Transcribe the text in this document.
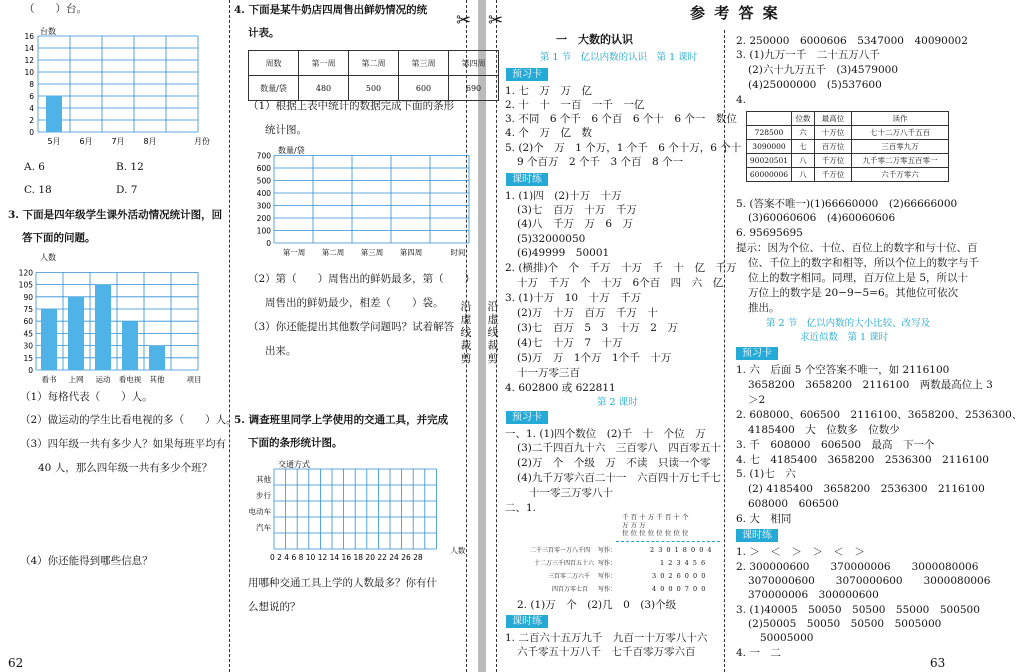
✂ ✂
沿虚线裁剪
沿虚线裁剪
（　　）台。
台数
16
14
12
10
8
6
4
2
0
5月 6月 7月 8月	月份
A. 6	B. 12
C. 18	D. 7
3. 下面是四年级学生课外活动情况统计图，回
答下面的问题。
人数
120
105
90
75
60
45
30
15
0
看书 上网 运动 看电视 其他	项目
（1）每格代表（　　）人。
（2）做运动的学生比看电视的多（　　）人。
（3）四年级一共有多少人？如果每班平均有
40 人，那么四年级一共有多少个班？
（4）你还能得到哪些信息？
62
4. 下面是某牛奶店四周售出鲜奶情况的统
计表。
周数	第一周	第二周	第三周	第四周
数量/袋	480	500	600	690
（1）根据上表中统计的数据完成下面的条形
统计图。
数量/袋
700
600
500
400
300
200
100
0
第一周 第二周 第三周 第四周	时间
（2）第（　　）周售出的鲜奶最多，第（　　）
周售出的鲜奶最少，相差（　　）袋。
（3）你还能提出其他数学问题吗？试着解答
出来。
5. 调查班里同学上学使用的交通工具，并完成
下面的条形统计图。
交通方式
其他
步行
电动车
汽车
0 2 4 6 8 10 12 14 16 18 20 22 24 26 28
人数
用哪种交通工具上学的人数最多？你有什
么想说的？
参 考 答 案
一　大数的认识
第 1 节　亿以内数的认识　第 1 课时
预习卡
1. 七　万　万　亿
2. 十　十　一百　一千　一亿
3. 不同　6 个千　6 个百　6 个十　6 个一　数位
4. 个　万　亿　数
5. (2)个　万　1 个万，1 个千　6 个十万，6 个十
9 个百万　2 个千　3 个百　8 个一
课时练
1. (1)四　(2)十万　十万
(3)七　百万　十万　千万
(4)八　千万　万　6　万
(5)32000050
(6)49999　50001
2. (横排)个　个　千万　十万　千　十　亿　千万
十万　千万　个　十万　6个百　四　六　亿
3. (1)十万　10　十万　千万
(2)万　十万　百万　千万　十
(3)七　百万　5　3　十万　2　万
(4)七　十万　7　十万
(5)万　万　1个万　1个千　十万
十一万零三百
4. 602800 或 622811
第 2 课时
预习卡
一、1. (1)四个数位　(2)千　十　个位　万
(3)二千四百九十六　三百零八　四百零五十
(2)万　个　个级　万　不读　只读一个零
(4)九千万零六百二十一　六百四十万七千七
十一零三万零八十
二、1.
千 百 十 万 千 百 十 个
万 万 万
位 位 位 位 位 位 位 位
二千三百零一万八千四 写作：	2 3 0 1 8 0 0 4
十二万三千四百五十六 写作：	1 2 3 4 5 6
三百零二万六千 写作：	3 0 2 6 0 0 0
四百万零七百 写作：	4 0 0 0 7 0 0
2. (1)万　个　(2)几　0　(3)个级
课时练
1. 二百六十五万九千　九百一十万零八十六
六千零五十万八千　七千百零万零六百
2. 250000　6000606　5347000　40090002
3. (1)九万一千　二十五万八千
(2)六十九万五千　(3)4579000
(4)25000000　(5)537600
4.
	位数	最高位	读作
728500	六	十万位	七十二万八千五百
3090000	七	百万位	三百零九万
90020501	八	千万位	九千零二万零五百零一
60000006	八	千万位	六千万零六
5. (答案不唯一)(1)66660000　(2)66666000
(3)60060606　(4)60060606
6. 95695695
提示：因为个位、十位、百位上的数字和与十位、百
位、千位上的数字和相等，所以个位上的数字与千
位上的数字相同。同理，百万位上是 5，所以十
万位上的数字是 20−9−5=6。其他位可依次
推出。
第 2 节　亿以内数的大小比较、改写及
求近似数　第 1 课时
预习卡
1. 六　后面 5 个空答案不唯一，如 2116100
3658200　3658200　2116100　两数最高位上 3
＞2
2. 608000、606500　2116100、3658200、2536300、
4185400　大　位数多　位数少
3. 千　608000　606500　最高　下一个
4. 七　4185400　3658200　2536300　2116100
5. (1)七　六
(2) 4185400　3658200　2536300　2116100
608000　606500
6. 大　相同
课时练
1. ＞　＜　＞　＞　＜　＞
2. 300000600　　370000006　　3000080006
3070000600　　3070000600　　3000080006
370000006　300000600
3. (1)40005　50050　50500　55000　500500
(2)50005　50050　50500　5005000
50005000
4. 一　二
63
